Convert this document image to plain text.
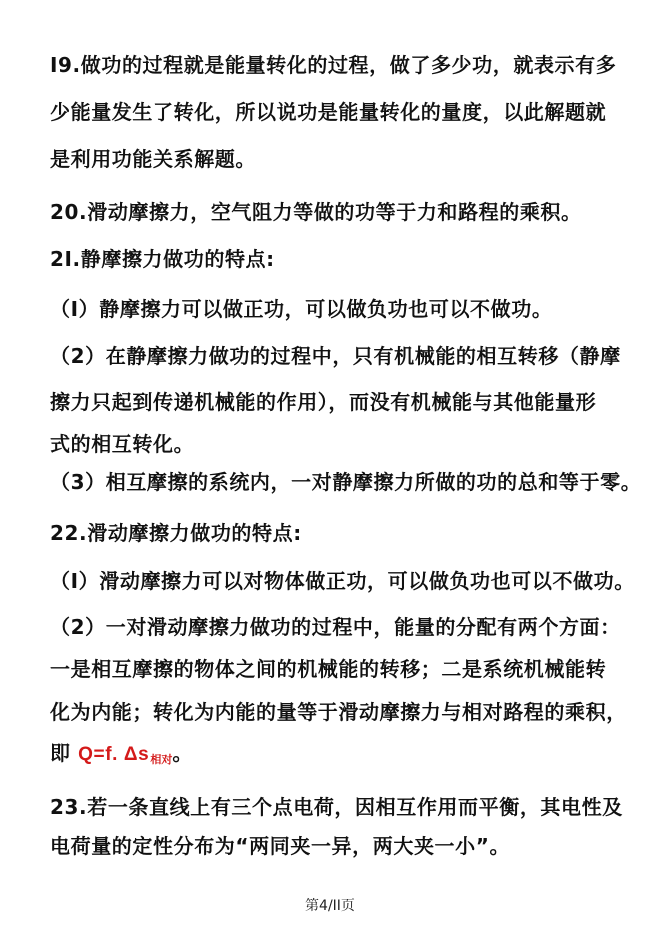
I9.做功的过程就是能量转化的过程，做了多少功，就表示有多
少能量发生了转化，所以说功是能量转化的量度，以此解题就
是利用功能关系解题。
20.滑动摩擦力，空气阻力等做的功等于力和路程的乘积。
2I.静摩擦力做功的特点:
（I）静摩擦力可以做正功，可以做负功也可以不做功。
（2）在静摩擦力做功的过程中，只有机械能的相互转移（静摩
擦力只起到传递机械能的作用），而没有机械能与其他能量形
式的相互转化。
（3）相互摩擦的系统内，一对静摩擦力所做的功的总和等于零。
22.滑动摩擦力做功的特点:
（I）滑动摩擦力可以对物体做正功，可以做负功也可以不做功。
（2）一对滑动摩擦力做功的过程中，能量的分配有两个方面：
一是相互摩擦的物体之间的机械能的转移；二是系统机械能转
化为内能；转化为内能的量等于滑动摩擦力与相对路程的乘积，
即 Q=f. Δs相对。
23.若一条直线上有三个点电荷，因相互作用而平衡，其电性及
电荷量的定性分布为“两同夹一异，两大夹一小”。
第4/II页
